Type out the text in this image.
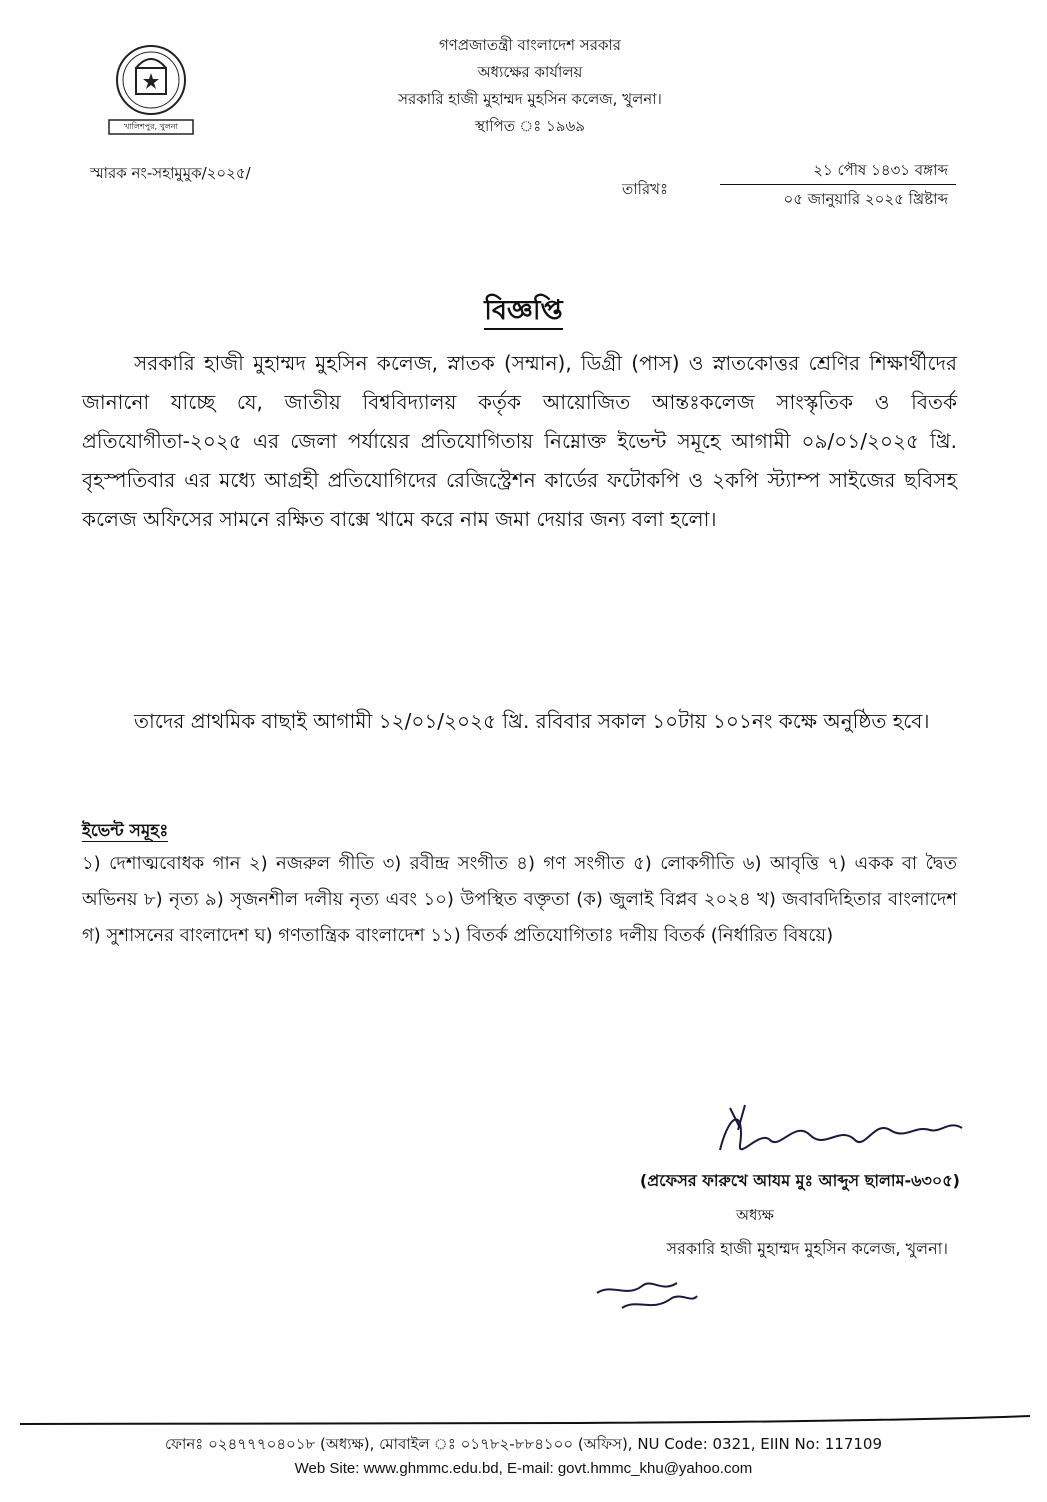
খালিশপুর, খুলনা
গণপ্রজাতন্ত্রী বাংলাদেশ সরকার
অধ্যক্ষের কার্যালয়
সরকারি হাজী মুহাম্মদ মুহসিন কলেজ, খুলনা।
স্থাপিত ঃ ১৯৬৯
স্মারক নং-সহামুমুক/২০২৫/
তারিখঃ
২১ পৌষ ১৪৩১ বঙ্গাব্দ
০৫ জানুয়ারি ২০২৫ খ্রিষ্টাব্দ
বিজ্ঞপ্তি
সরকারি হাজী মুহাম্মদ মুহসিন কলেজ, স্নাতক (সম্মান), ডিগ্রী (পাস) ও স্নাতকোত্তর শ্রেণির শিক্ষার্থীদের জানানো যাচ্ছে যে, জাতীয় বিশ্ববিদ্যালয় কর্তৃক আয়োজিত আন্তঃকলেজ সাংস্কৃতিক ও বিতর্ক প্রতিযোগীতা-২০২৫ এর জেলা পর্যায়ের প্রতিযোগিতায় নিম্নোক্ত ইভেন্ট সমূহে আগামী ০৯/০১/২০২৫ খ্রি. বৃহস্পতিবার এর মধ্যে আগ্রহী প্রতিযোগিদের রেজিস্ট্রেশন কার্ডের ফটোকপি ও ২কপি স্ট্যাম্প সাইজের ছবিসহ কলেজ অফিসের সামনে রক্ষিত বাক্সে খামে করে নাম জমা দেয়ার জন্য বলা হলো।
তাদের প্রাথমিক বাছাই আগামী ১২/০১/২০২৫ খ্রি. রবিবার সকাল ১০টায় ১০১নং কক্ষে অনুষ্ঠিত হবে।
ইভেন্ট সমূহঃ
১) দেশাত্মবোধক গান ২) নজরুল গীতি ৩) রবীন্দ্র সংগীত ৪) গণ সংগীত ৫) লোকগীতি ৬) আবৃত্তি ৭) একক বা দ্বৈত অভিনয় ৮) নৃত্য ৯) সৃজনশীল দলীয় নৃত্য এবং ১০) উপস্থিত বক্তৃতা (ক) জুলাই বিপ্লব ২০২৪ খ) জবাবদিহিতার বাংলাদেশ গ) সুশাসনের বাংলাদেশ ঘ) গণতান্ত্রিক বাংলাদেশ ১১) বিতর্ক প্রতিযোগিতাঃ দলীয় বিতর্ক (নির্ধারিত বিষয়ে)
(প্রফেসর ফারুখে আযম মুঃ আব্দুস ছালাম-৬৩০৫)
অধ্যক্ষ
সরকারি হাজী মুহাম্মদ মুহসিন কলেজ, খুলনা।
ফোনঃ ০২৪৭৭৭০৪০১৮ (অধ্যক্ষ), মোবাইল ঃ ০১৭৮২-৮৮৪১০০ (অফিস), NU Code: 0321, EIIN No: 117109
Web Site: www.ghmmc.edu.bd, E-mail: govt.hmmc_khu@yahoo.com
